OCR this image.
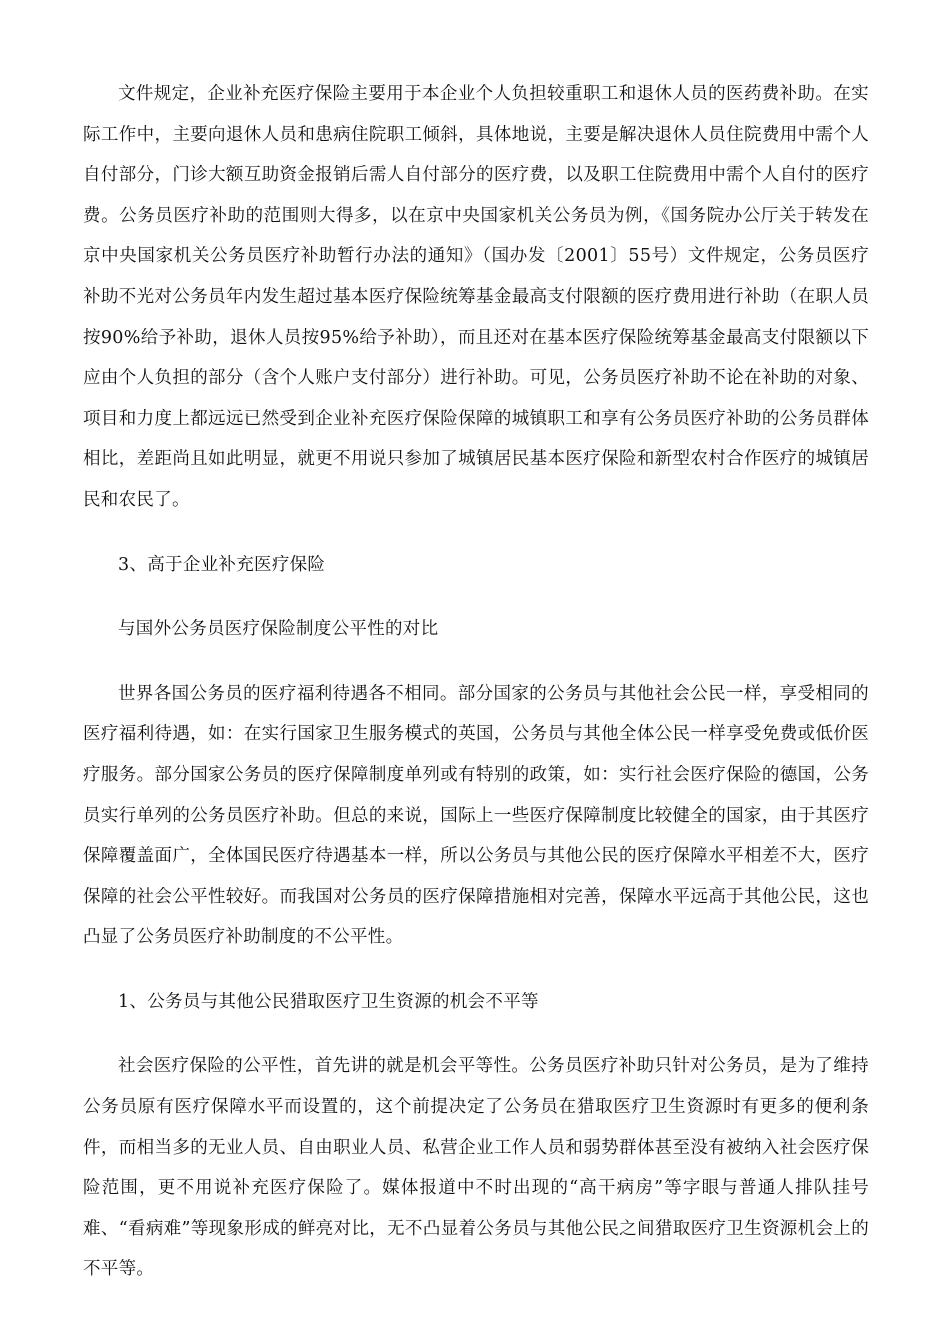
文件规定，企业补充医疗保险主要用于本企业个人负担较重职工和退休人员的医药费补助。在实际工作中，主要向退休人员和患病住院职工倾斜，具体地说，主要是解决退休人员住院费用中需个人自付部分，门诊大额互助资金报销后需人自付部分的医疗费，以及职工住院费用中需个人自付的医疗费。公务员医疗补助的范围则大得多，以在京中央国家机关公务员为例，《国务院办公厅关于转发在京中央国家机关公务员医疗补助暂行办法的通知》（国办发〔2001〕55号）文件规定，公务员医疗补助不光对公务员年内发生超过基本医疗保险统筹基金最高支付限额的医疗费用进行补助（在职人员按90%给予补助，退休人员按95%给予补助），而且还对在基本医疗保险统筹基金最高支付限额以下应由个人负担的部分（含个人账户支付部分）进行补助。可见，公务员医疗补助不论在补助的对象、项目和力度上都远远已然受到企业补充医疗保险保障的城镇职工和享有公务员医疗补助的公务员群体相比，差距尚且如此明显，就更不用说只参加了城镇居民基本医疗保险和新型农村合作医疗的城镇居民和农民了。

3、高于企业补充医疗保险

与国外公务员医疗保险制度公平性的对比

世界各国公务员的医疗福利待遇各不相同。部分国家的公务员与其他社会公民一样，享受相同的医疗福利待遇，如：在实行国家卫生服务模式的英国，公务员与其他全体公民一样享受免费或低价医疗服务。部分国家公务员的医疗保障制度单列或有特别的政策，如：实行社会医疗保险的德国，公务员实行单列的公务员医疗补助。但总的来说，国际上一些医疗保障制度比较健全的国家，由于其医疗保障覆盖面广，全体国民医疗待遇基本一样，所以公务员与其他公民的医疗保障水平相差不大，医疗保障的社会公平性较好。而我国对公务员的医疗保障措施相对完善，保障水平远高于其他公民，这也凸显了公务员医疗补助制度的不公平性。

1、公务员与其他公民猎取医疗卫生资源的机会不平等

社会医疗保险的公平性，首先讲的就是机会平等性。公务员医疗补助只针对公务员，是为了维持公务员原有医疗保障水平而设置的，这个前提决定了公务员在猎取医疗卫生资源时有更多的便利条件，而相当多的无业人员、自由职业人员、私营企业工作人员和弱势群体甚至没有被纳入社会医疗保险范围，更不用说补充医疗保险了。媒体报道中不时出现的“高干病房”等字眼与普通人排队挂号难、“看病难”等现象形成的鲜亮对比，无不凸显着公务员与其他公民之间猎取医疗卫生资源机会上的不平等。
